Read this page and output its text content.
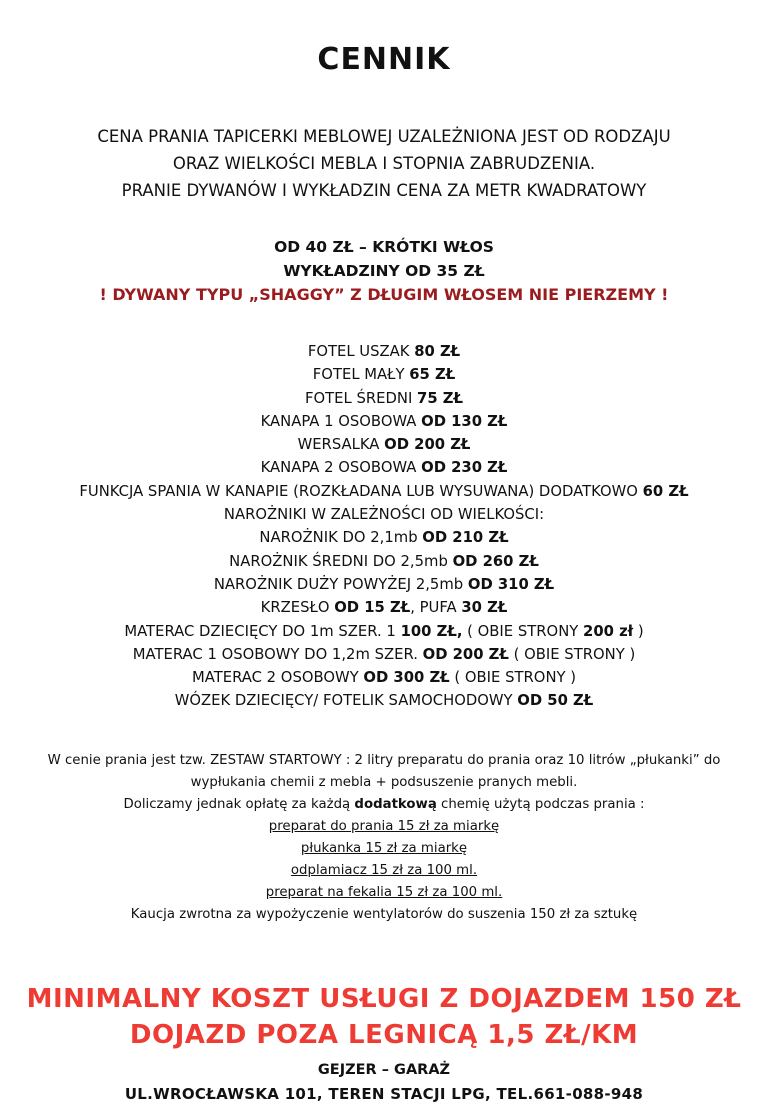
CENNIK
CENA PRANIA TAPICERKI MEBLOWEJ UZALEŻNIONA JEST OD RODZAJU
ORAZ WIELKOŚCI MEBLA I STOPNIA ZABRUDZENIA.
PRANIE DYWANÓW I WYKŁADZIN CENA ZA METR KWADRATOWY
OD 40 ZŁ – KRÓTKI WŁOS
WYKŁADZINY OD 35 ZŁ
! DYWANY TYPU „SHAGGY” Z DŁUGIM WŁOSEM NIE PIERZEMY !
FOTEL USZAK 80 ZŁ
FOTEL MAŁY 65 ZŁ
FOTEL ŚREDNI 75 ZŁ
KANAPA 1 OSOBOWA OD 130 ZŁ
WERSALKA OD 200 ZŁ
KANAPA 2 OSOBOWA OD 230 ZŁ
FUNKCJA SPANIA W KANAPIE (ROZKŁADANA LUB WYSUWANA) DODATKOWO 60 ZŁ
NAROŻNIKI W ZALEŻNOŚCI OD WIELKOŚCI:
NAROŻNIK DO 2,1mb OD 210 ZŁ
NAROŻNIK ŚREDNI DO 2,5mb OD 260 ZŁ
NAROŻNIK DUŻY POWYŻEJ 2,5mb OD 310 ZŁ
KRZESŁO OD 15 ZŁ, PUFA 30 ZŁ
MATERAC DZIECIĘCY DO 1m SZER. 1 100 ZŁ, ( OBIE STRONY 200 zł )
MATERAC 1 OSOBOWY DO 1,2m SZER. OD 200 ZŁ ( OBIE STRONY )
MATERAC 2 OSOBOWY OD 300 ZŁ ( OBIE STRONY )
WÓZEK DZIECIĘCY/ FOTELIK SAMOCHODOWY OD 50 ZŁ
W cenie prania jest tzw. ZESTAW STARTOWY : 2 litry preparatu do prania oraz 10 litrów „płukanki” do wypłukania chemii z mebla + podsuszenie pranych mebli.
Doliczamy jednak opłatę za każdą dodatkową chemię użytą podczas prania :
preparat do prania 15 zł za miarkę
płukanka 15 zł za miarkę
odplamiacz 15 zł za 100 ml.
preparat na fekalia 15 zł za 100 ml.
Kaucja zwrotna za wypożyczenie wentylatorów do suszenia 150 zł za sztukę
MINIMALNY KOSZT USŁUGI Z DOJAZDEM 150 ZŁ
DOJAZD POZA LEGNICĄ 1,5 ZŁ/KM
GEJZER – GARAŻ
UL.WROCŁAWSKA 101, TEREN STACJI LPG, TEL.661-088-948
